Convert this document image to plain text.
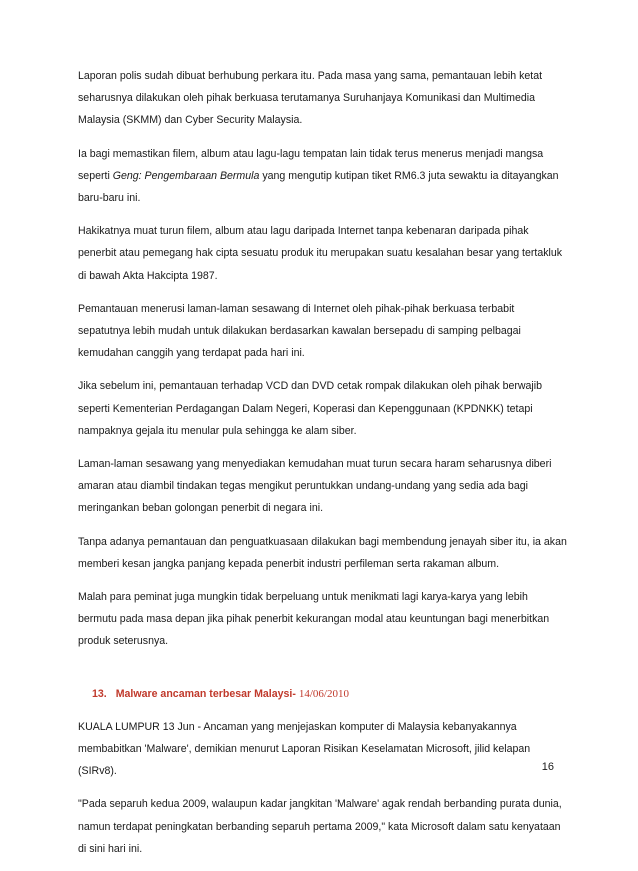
Laporan polis sudah dibuat berhubung perkara itu. Pada masa yang sama, pemantauan lebih ketat seharusnya dilakukan oleh pihak berkuasa terutamanya Suruhanjaya Komunikasi dan Multimedia Malaysia (SKMM) dan Cyber Security Malaysia.

Ia bagi memastikan filem, album atau lagu-lagu tempatan lain tidak terus menerus menjadi mangsa seperti Geng: Pengembaraan Bermula yang mengutip kutipan tiket RM6.3 juta sewaktu ia ditayangkan baru-baru ini.

Hakikatnya muat turun filem, album atau lagu daripada Internet tanpa kebenaran daripada pihak penerbit atau pemegang hak cipta sesuatu produk itu merupakan suatu kesalahan besar yang tertakluk di bawah Akta Hakcipta 1987.

Pemantauan menerusi laman-laman sesawang di Internet oleh pihak-pihak berkuasa terbabit sepatutnya lebih mudah untuk dilakukan berdasarkan kawalan bersepadu di samping pelbagai kemudahan canggih yang terdapat pada hari ini.

Jika sebelum ini, pemantauan terhadap VCD dan DVD cetak rompak dilakukan oleh pihak berwajib seperti Kementerian Perdagangan Dalam Negeri, Koperasi dan Kepenggunaan (KPDNKK) tetapi nampaknya gejala itu menular pula sehingga ke alam siber.

Laman-laman sesawang yang menyediakan kemudahan muat turun secara haram seharusnya diberi amaran atau diambil tindakan tegas mengikut peruntukkan undang-undang yang sedia ada bagi meringankan beban golongan penerbit di negara ini.

Tanpa adanya pemantauan dan penguatkuasaan dilakukan bagi membendung jenayah siber itu, ia akan memberi kesan jangka panjang kepada penerbit industri perfileman serta rakaman album.

Malah para peminat juga mungkin tidak berpeluang untuk menikmati lagi karya-karya yang lebih bermutu pada masa depan jika pihak penerbit kekurangan modal atau keuntungan bagi menerbitkan produk seterusnya.

13. Malware ancaman terbesar Malaysi- 14/06/2010

KUALA LUMPUR 13 Jun - Ancaman yang menjejaskan komputer di Malaysia kebanyakannya membabitkan 'Malware', demikian menurut Laporan Risikan Keselamatan Microsoft, jilid kelapan (SIRv8).

"Pada separuh kedua 2009, walaupun kadar jangkitan 'Malware' agak rendah berbanding purata dunia, namun terdapat peningkatan berbanding separuh pertama 2009," kata Microsoft dalam satu kenyataan di sini hari ini.

16
